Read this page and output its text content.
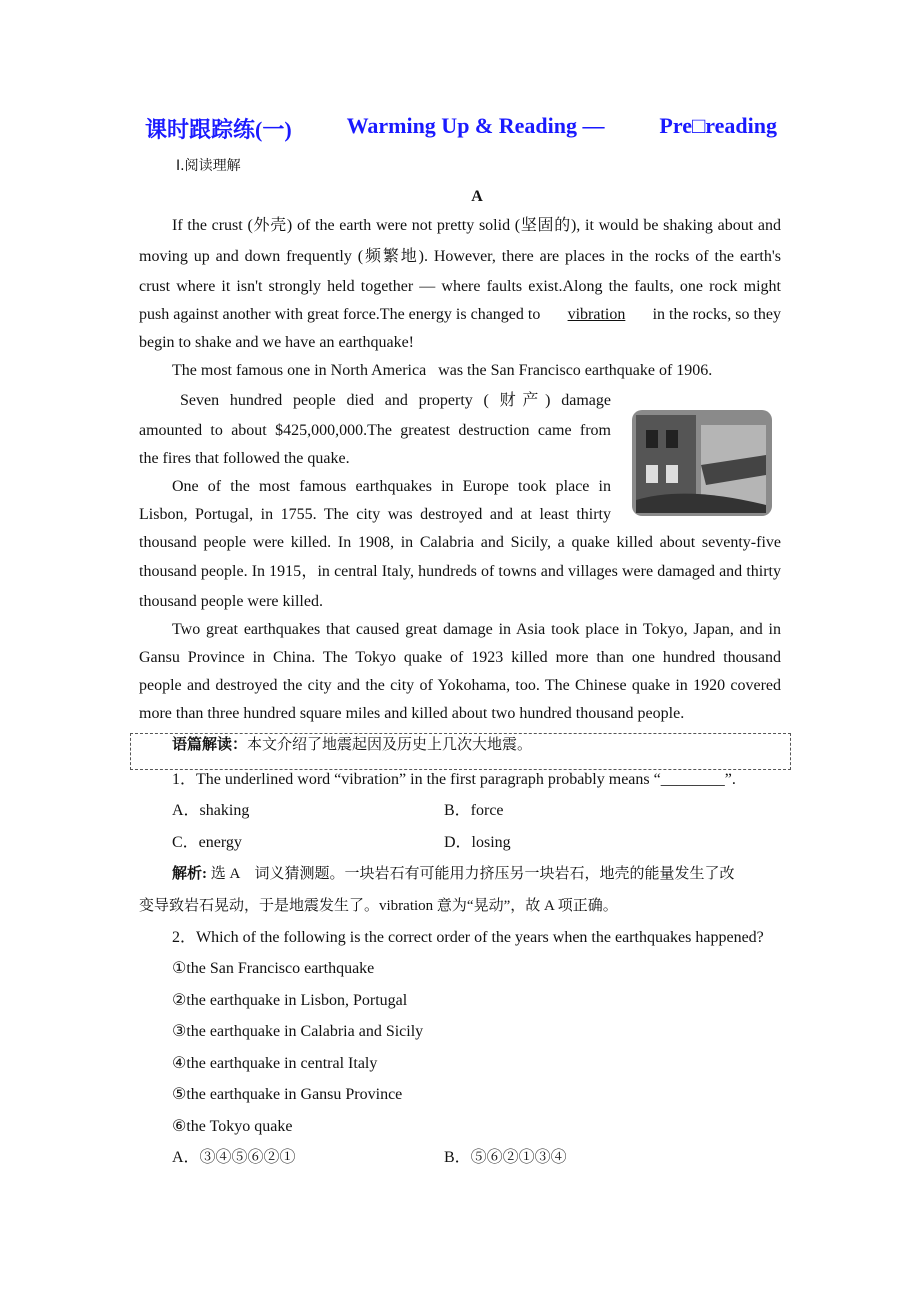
课时跟踪练(一) Warming Up & Reading — Pre□reading
Ⅰ.阅读理解
A
If the crust (外壳) of the earth were not pretty solid (坚固的), it would be shaking about and
moving up and down frequently (频繁地). However, there are places in the rocks of the earth's
crust where it isn't strongly held together — where faults exist.Along the faults, one rock might
push against another with great force.The energy is changed to vibration in the rocks, so they
begin to shake and we have an earthquake!
The most famous one in North America   was the San Francisco earthquake of 1906.
Seven hundred people died and property ( 财产) damage
amounted to about $425,000,000.The greatest destruction came from
the fires that followed the quake.
One of the most famous earthquakes in Europe took place in
Lisbon, Portugal, in 1755. The city was destroyed and at least thirty
thousand people were killed. In 1908, in Calabria and Sicily, a quake killed about seventy-five
thousand people. In 1915，in central Italy, hundreds of towns and villages were damaged and thirty
thousand people were killed.
Two great earthquakes that caused great damage in Asia took place in Tokyo, Japan, and in
Gansu Province in China. The Tokyo quake of 1923 killed more than one hundred thousand
people and destroyed the city and the city of Yokohama, too. The Chinese quake in 1920 covered
more than three hundred square miles and killed about two hundred thousand people.
语篇解读：本文介绍了地震起因及历史上几次大地震。
1．The underlined word “vibration” in the first paragraph probably means “________”.
A．shaking	B．force
C．energy	D．losing
解析: 选 A　词义猜测题。一块岩石有可能用力挤压另一块岩石，地壳的能量发生了改
变导致岩石晃动，于是地震发生了。vibration 意为“晃动”，故 A 项正确。
2．Which of the following is the correct order of the years when the earthquakes happened?
①the San Francisco earthquake
②the earthquake in Lisbon, Portugal
③the earthquake in Calabria and Sicily
④the earthquake in central Italy
⑤the earthquake in Gansu Province
⑥the Tokyo quake
A．③④⑤⑥②①	B．⑤⑥②①③④
